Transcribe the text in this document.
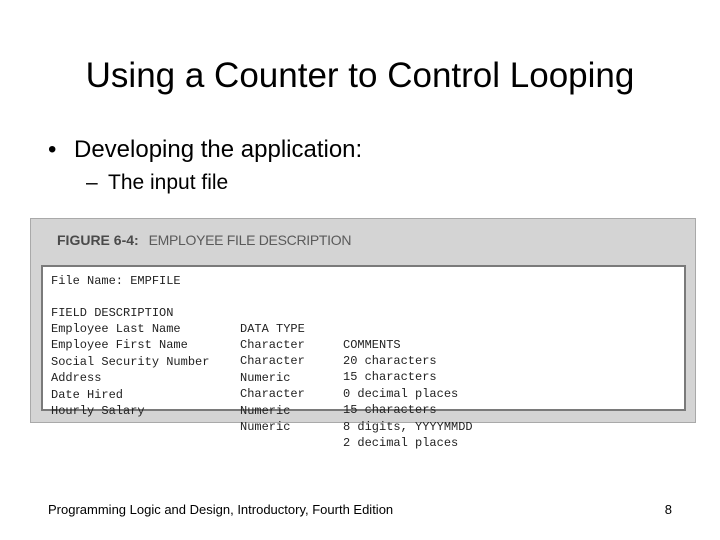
Using a Counter to Control Looping
• Developing the application:
– The input file
FIGURE 6-4: EMPLOYEE FILE DESCRIPTION
File Name: EMPFILE

FIELD DESCRIPTION

DATA TYPE

COMMENTS

Employee Last Name

Character

20 characters

Employee First Name

Character

15 characters

Social Security Number

Numeric

0 decimal places

Address

Character

15 characters

Date Hired

Numeric

8 digits, YYYYMMDD

Hourly Salary

Numeric

2 decimal places

Programming Logic and Design, Introductory, Fourth Edition	8
